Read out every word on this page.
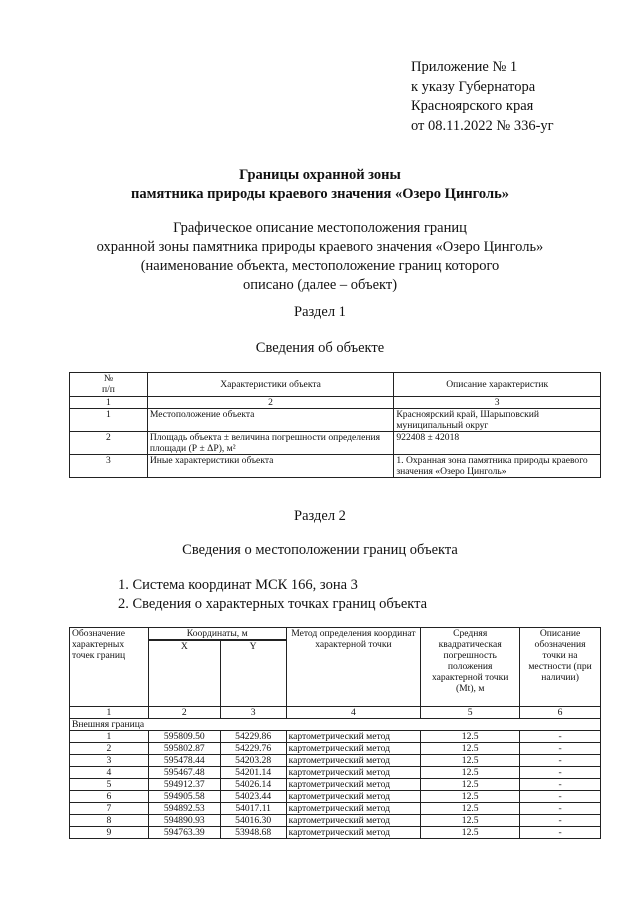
Приложение № 1
к указу Губернатора
Красноярского края
от 08.11.2022 № 336-уг
Границы охранной зоны
памятника природы краевого значения «Озеро Цинголь»
Графическое описание местоположения границ
охранной зоны памятника природы краевого значения «Озеро Цинголь»
(наименование объекта, местоположение границ которого
описано (далее – объект)
Раздел 1
Сведения об объекте
№
п/п	Характеристики объекта	Описание характеристик
1	2	3
1	Местоположение объекта	Красноярский край, Шарыповский муниципальный округ
2	Площадь объекта ± величина погрешности определения площади (Р ± ΔР), м²	922408 ± 42018
3	Иные характеристики объекта	1. Охранная зона памятника природы краевого значения «Озеро Цинголь»
Раздел 2
Сведения о местоположении границ объекта
1. Система координат МСК 166, зона 3
2. Сведения о характерных точках границ объекта
Обозначение характерных точек границ	Координаты, м		Метод определения координат характерной точки	Средняя квадратическая погрешность положения характерной точки (Mt), м	Описание обозначения точки на местности (при наличии)
	X	Y			
1	2	3	4	5	6
Внешняя граница					
1	595809.50	54229.86	картометрический метод	12.5	-
2	595802.87	54229.76	картометрический метод	12.5	-
3	595478.44	54203.28	картометрический метод	12.5	-
4	595467.48	54201.14	картометрический метод	12.5	-
5	594912.37	54026.14	картометрический метод	12.5	-
6	594905.58	54023.44	картометрический метод	12.5	-
7	594892.53	54017.11	картометрический метод	12.5	-
8	594890.93	54016.30	картометрический метод	12.5	-
9	594763.39	53948.68	картометрический метод	12.5	-
